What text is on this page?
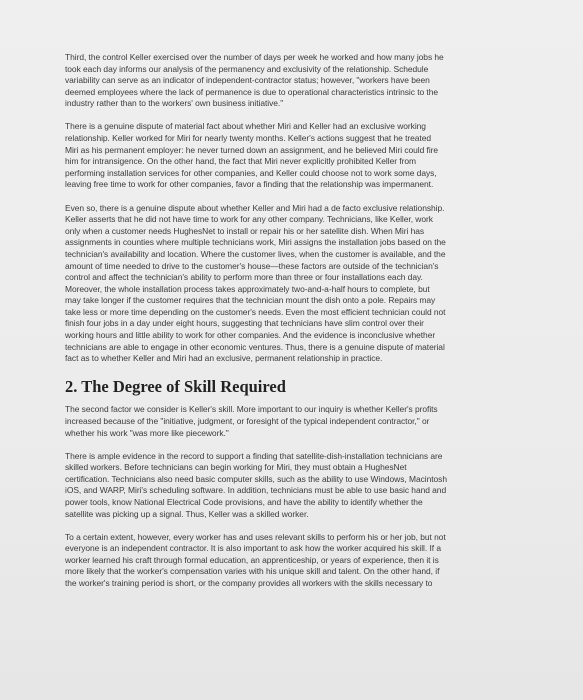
Third, the control Keller exercised over the number of days per week he worked and how many jobs he
took each day informs our analysis of the permanency and exclusivity of the relationship. Schedule
variability can serve as an indicator of independent-contractor status; however, "workers have been
deemed employees where the lack of permanence is due to operational characteristics intrinsic to the
industry rather than to the workers' own business initiative."

There is a genuine dispute of material fact about whether Miri and Keller had an exclusive working
relationship. Keller worked for Miri for nearly twenty months. Keller's actions suggest that he treated
Miri as his permanent employer: he never turned down an assignment, and he believed Miri could fire
him for intransigence. On the other hand, the fact that Miri never explicitly prohibited Keller from
performing installation services for other companies, and Keller could choose not to work some days,
leaving free time to work for other companies, favor a finding that the relationship was impermanent.

Even so, there is a genuine dispute about whether Keller and Miri had a de facto exclusive relationship.
Keller asserts that he did not have time to work for any other company. Technicians, like Keller, work
only when a customer needs HughesNet to install or repair his or her satellite dish. When Miri has
assignments in counties where multiple technicians work, Miri assigns the installation jobs based on the
technician's availability and location. Where the customer lives, when the customer is available, and the
amount of time needed to drive to the customer's house—these factors are outside of the technician's
control and affect the technician's ability to perform more than three or four installations each day.
Moreover, the whole installation process takes approximately two-and-a-half hours to complete, but
may take longer if the customer requires that the technician mount the dish onto a pole. Repairs may
take less or more time depending on the customer's needs. Even the most efficient technician could not
finish four jobs in a day under eight hours, suggesting that technicians have slim control over their
working hours and little ability to work for other companies. And the evidence is inconclusive whether
technicians are able to engage in other economic ventures. Thus, there is a genuine dispute of material
fact as to whether Keller and Miri had an exclusive, permanent relationship in practice.

2. The Degree of Skill Required

The second factor we consider is Keller's skill. More important to our inquiry is whether Keller's profits
increased because of the "initiative, judgment, or foresight of the typical independent contractor," or
whether his work "was more like piecework."

There is ample evidence in the record to support a finding that satellite-dish-installation technicians are
skilled workers. Before technicians can begin working for Miri, they must obtain a HughesNet
certification. Technicians also need basic computer skills, such as the ability to use Windows, Macintosh
iOS, and WARP, Miri's scheduling software. In addition, technicians must be able to use basic hand and
power tools, know National Electrical Code provisions, and have the ability to identify whether the
satellite was picking up a signal. Thus, Keller was a skilled worker.

To a certain extent, however, every worker has and uses relevant skills to perform his or her job, but not
everyone is an independent contractor. It is also important to ask how the worker acquired his skill. If a
worker learned his craft through formal education, an apprenticeship, or years of experience, then it is
more likely that the worker's compensation varies with his unique skill and talent. On the other hand, if
the worker's training period is short, or the company provides all workers with the skills necessary to
